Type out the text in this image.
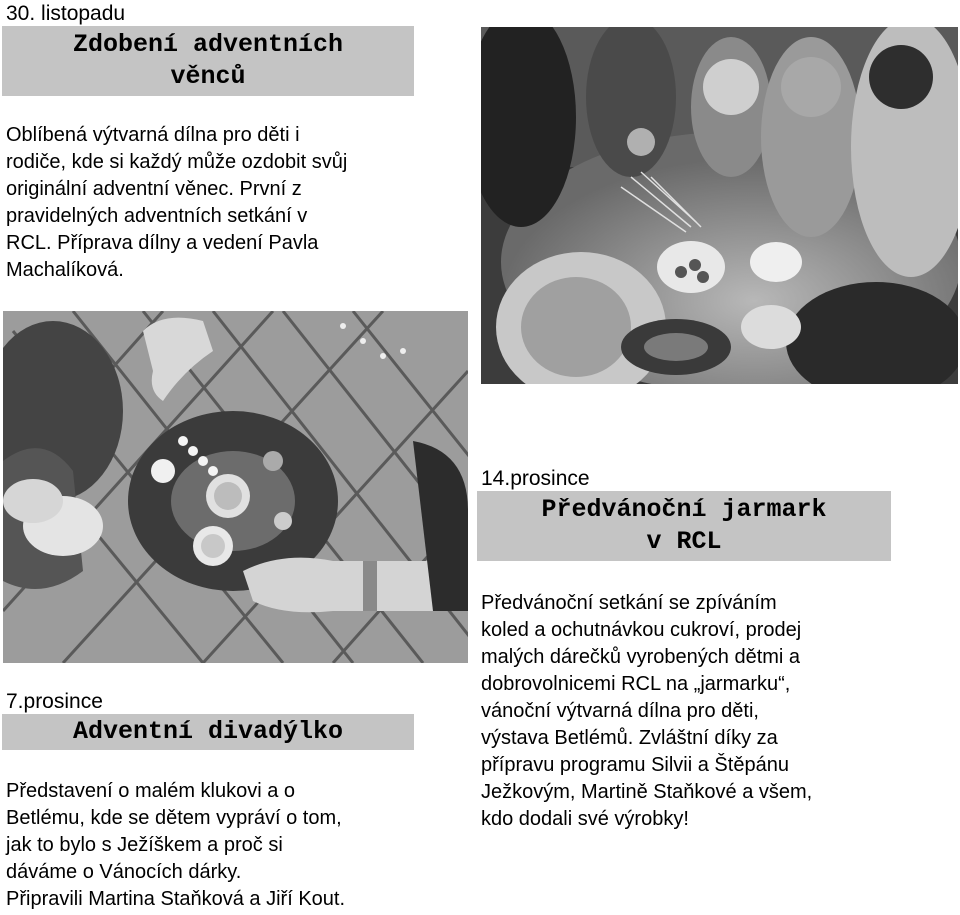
30. listopadu
Zdobení adventních
věnců
Oblíbená výtvarná dílna pro děti i
rodiče, kde si každý může ozdobit svůj
originální adventní věnec. První z
pravidelných adventních setkání v
RCL. Příprava dílny a vedení Pavla
Machalíková.
7.prosince
Adventní divadýlko
Představení o malém klukovi a o
Betlému, kde se dětem vypráví o tom,
jak to bylo s Ježíškem a proč si
dáváme o Vánocích dárky.
Připravili Martina Staňková a Jiří Kout.
14.prosince
Předvánoční jarmark
v RCL
Předvánoční setkání se zpíváním
koled a ochutnávkou cukroví, prodej
malých dárečků vyrobených dětmi a
dobrovolnicemi RCL na „jarmarku“,
vánoční výtvarná dílna pro děti,
výstava Betlémů. Zvláštní díky za
přípravu programu Silvii a Štěpánu
Ježkovým, Martině Staňkové a všem,
kdo dodali své výrobky!
